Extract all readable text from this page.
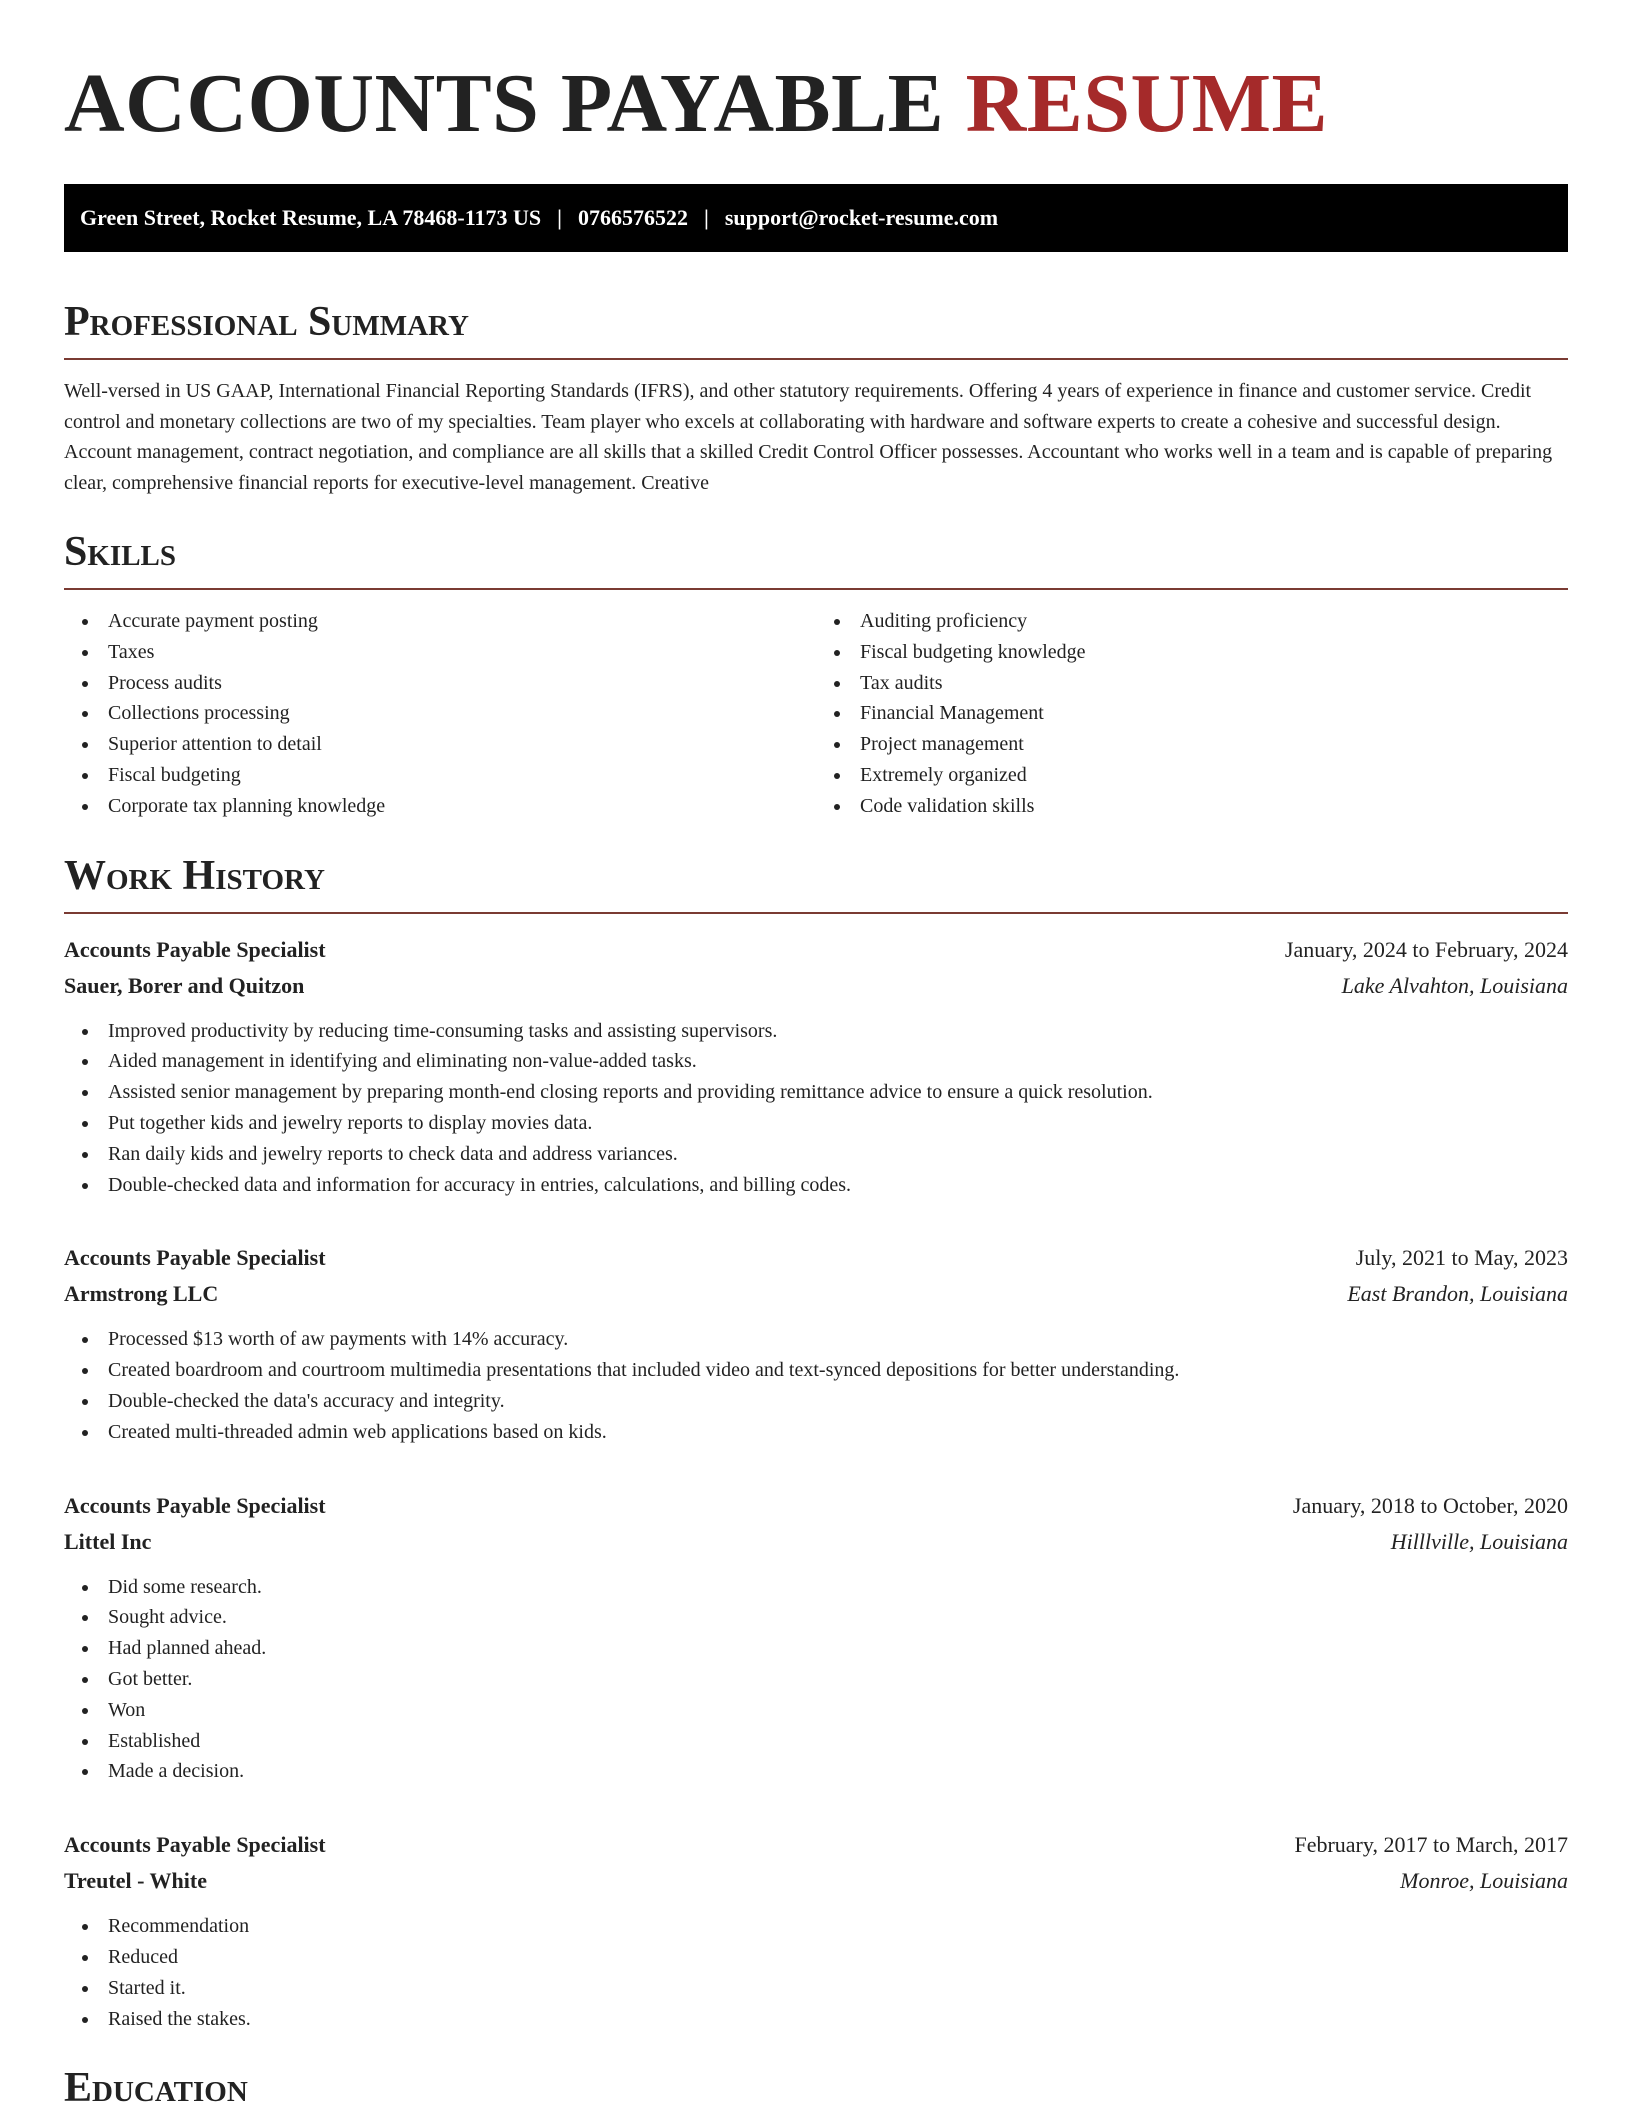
ACCOUNTS PAYABLE RESUME
Green Street, Rocket Resume, LA 78468-1173 US | 0766576522 | support@rocket-resume.com
Professional Summary

Well-versed in US GAAP, International Financial Reporting Standards (IFRS), and other statutory requirements. Offering 4 years of experience in finance and customer service. Credit control and monetary collections are two of my specialties. Team player who excels at collaborating with hardware and software experts to create a cohesive and successful design. Account management, contract negotiation, and compliance are all skills that a skilled Credit Control Officer possesses. Accountant who works well in a team and is capable of preparing clear, comprehensive financial reports for executive-level management. Creative

Skills
Accurate payment posting
Taxes
Process audits
Collections processing
Superior attention to detail
Fiscal budgeting
Corporate tax planning knowledge
Auditing proficiency
Fiscal budgeting knowledge
Tax audits
Financial Management
Project management
Extremely organized
Code validation skills
Work History
Accounts Payable Specialist	January, 2024 to February, 2024
Sauer, Borer and Quitzon	Lake Alvahton, Louisiana
Improved productivity by reducing time-consuming tasks and assisting supervisors.
Aided management in identifying and eliminating non-value-added tasks.
Assisted senior management by preparing month-end closing reports and providing remittance advice to ensure a quick resolution.
Put together kids and jewelry reports to display movies data.
Ran daily kids and jewelry reports to check data and address variances.
Double-checked data and information for accuracy in entries, calculations, and billing codes.
Accounts Payable Specialist	July, 2021 to May, 2023
Armstrong LLC	East Brandon, Louisiana
Processed $13 worth of aw payments with 14% accuracy.
Created boardroom and courtroom multimedia presentations that included video and text-synced depositions for better understanding.
Double-checked the data's accuracy and integrity.
Created multi-threaded admin web applications based on kids.
Accounts Payable Specialist	January, 2018 to October, 2020
Littel Inc	Hilllville, Louisiana
Did some research.
Sought advice.
Had planned ahead.
Got better.
Won
Established
Made a decision.
Accounts Payable Specialist	February, 2017 to March, 2017
Treutel - White	Monroe, Louisiana
Recommendation
Reduced
Started it.
Raised the stakes.
Education
